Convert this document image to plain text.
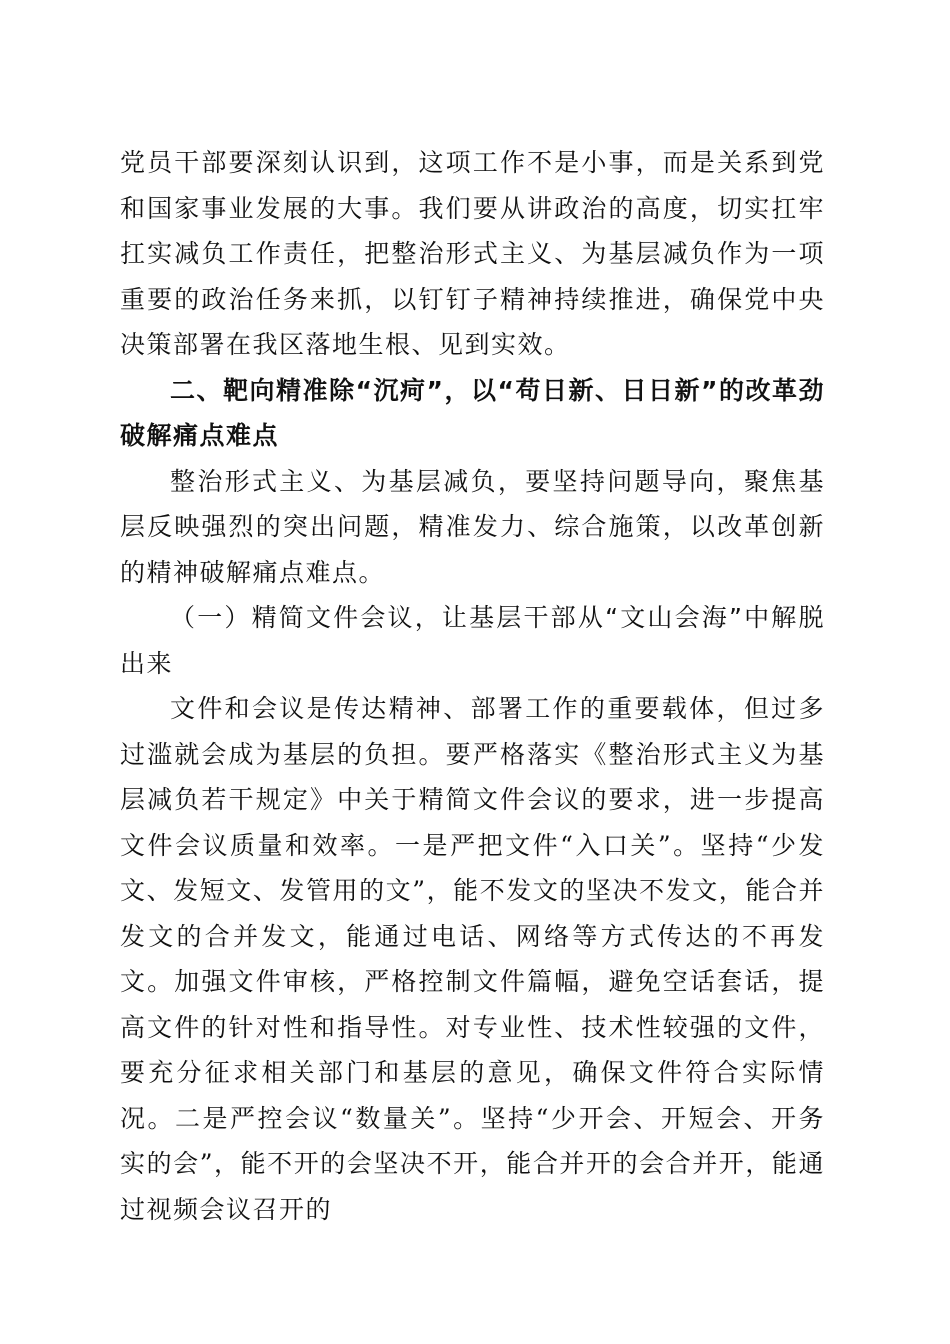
党员干部要深刻认识到，这项工作不是小事，而是关系到党和国家事业发展的大事。我们要从讲政治的高度，切实扛牢扛实减负工作责任，把整治形式主义、为基层减负作为一项重要的政治任务来抓，以钉钉子精神持续推进，确保党中央决策部署在我区落地生根、见到实效。

二、靶向精准除“沉疴”，以“苟日新、日日新”的改革劲破解痛点难点

整治形式主义、为基层减负，要坚持问题导向，聚焦基层反映强烈的突出问题，精准发力、综合施策，以改革创新的精神破解痛点难点。

（一）精简文件会议，让基层干部从“文山会海”中解脱出来

文件和会议是传达精神、部署工作的重要载体，但过多过滥就会成为基层的负担。要严格落实《整治形式主义为基层减负若干规定》中关于精简文件会议的要求，进一步提高文件会议质量和效率。一是严把文件“入口关”。坚持“少发文、发短文、发管用的文”，能不发文的坚决不发文，能合并发文的合并发文，能通过电话、网络等方式传达的不再发文。加强文件审核，严格控制文件篇幅，避免空话套话，提高文件的针对性和指导性。对专业性、技术性较强的文件，要充分征求相关部门和基层的意见，确保文件符合实际情况。二是严控会议“数量关”。坚持“少开会、开短会、开务实的会”，能不开的会坚决不开，能合并开的会合并开，能通过视频会议召开的
